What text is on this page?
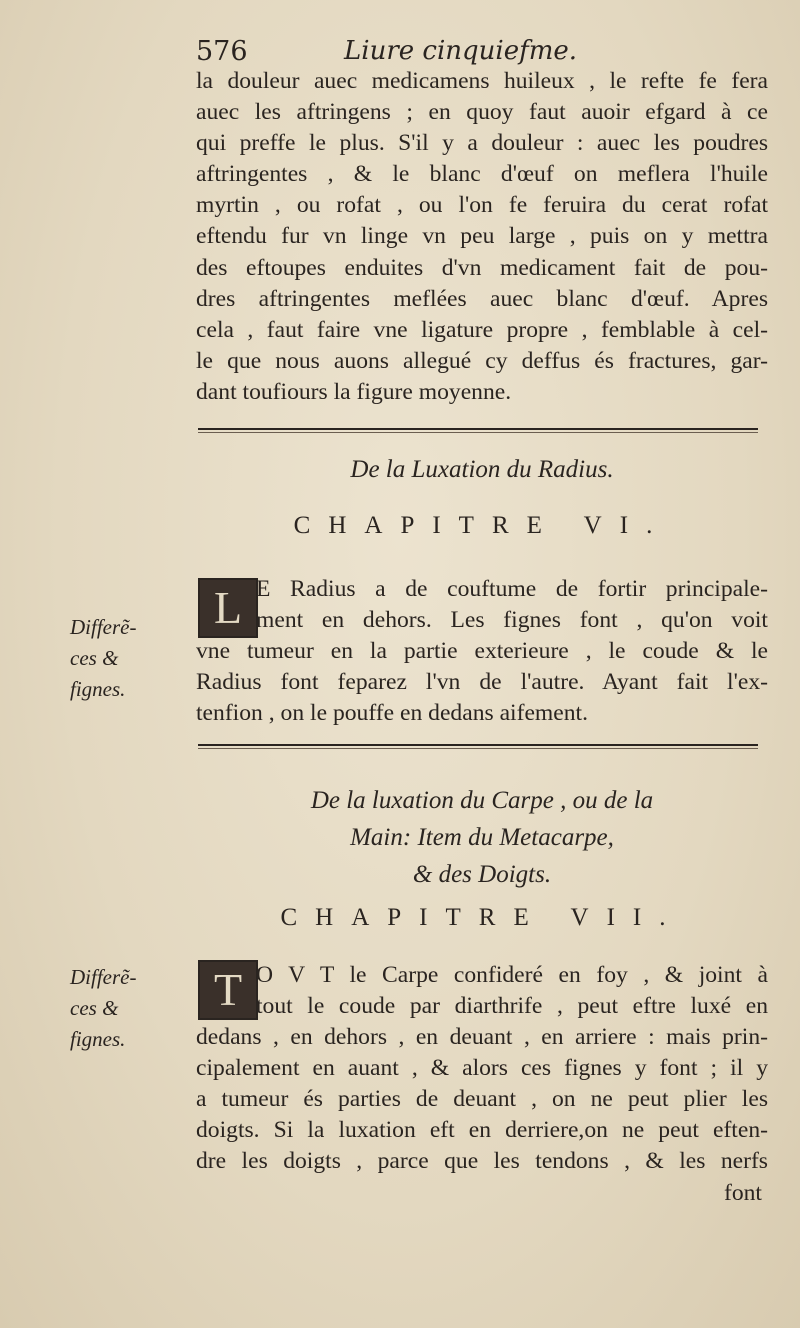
576	Liure cinquiefme.
la douleur auec medicamens huileux , le refte fe fera
auec les aftringens ; en quoy faut auoir efgard à ce
qui preffe le plus. S'il y a douleur : auec les poudres
aftringentes , & le blanc d'œuf on meflera l'huile
myrtin , ou rofat , ou l'on fe feruira du cerat rofat
eftendu fur vn linge vn peu large , puis on y mettra
des eftoupes enduites d'vn medicament fait de pou-
dres aftringentes meflées auec blanc d'œuf. Apres
cela , faut faire vne ligature propre , femblable à cel-
le que nous auons allegué cy deffus és fractures, gar-
dant toufiours la figure moyenne.
De la Luxation du Radius.
CHAPITRE VI.
L
Differẽ-
ces &
fignes.
E Radius a de couftume de fortir principale-
ment en dehors. Les fignes font , qu'on voit
vne tumeur en la partie exterieure , le coude & le
Radius font feparez l'vn de l'autre. Ayant fait l'ex-
tenfion , on le pouffe en dedans aifement.
De la luxation du Carpe , ou de la
Main: Item du Metacarpe,
& des Doigts.
CHAPITRE VII.
T
Differẽ-
ces &
fignes.
O V T le Carpe confideré en foy , & joint à
tout le coude par diarthrife , peut eftre luxé en
dedans , en dehors , en deuant , en arriere : mais prin-
cipalement en auant , & alors ces fignes y font ; il y
a tumeur és parties de deuant , on ne peut plier les
doigts. Si la luxation eft en derriere,on ne peut eften-
dre les doigts , parce que les tendons , & les nerfs
font
